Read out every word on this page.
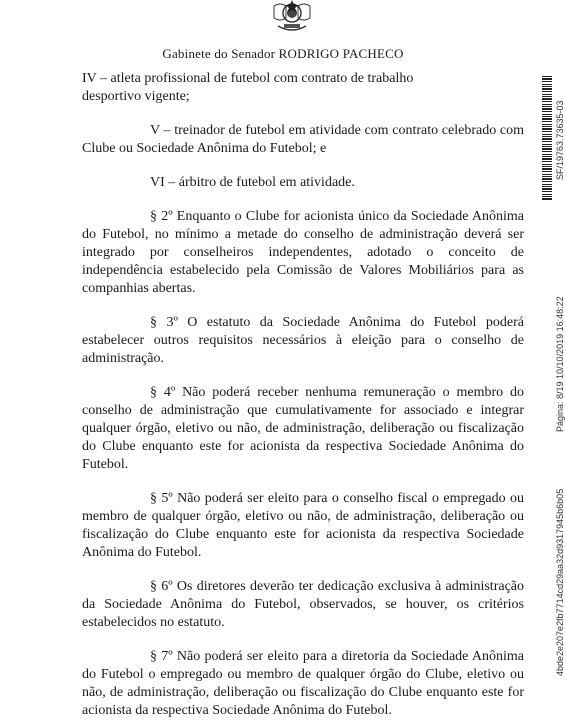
Gabinete do Senador RODRIGO PACHECO

IV – atleta profissional de futebol com contrato de trabalho

desportivo vigente;

V – treinador de futebol em atividade com contrato celebrado com Clube ou Sociedade Anônima do Futebol; e
VI – árbitro de futebol em atividade.
§ 2º Enquanto o Clube for acionista único da Sociedade Anônima do Futebol, no mínimo a metade do conselho de administração deverá ser integrado por conselheiros independentes, adotado o conceito de independência estabelecido pela Comissão de Valores Mobiliários para as companhias abertas.
§ 3º O estatuto da Sociedade Anônima do Futebol poderá estabelecer outros requisitos necessários à eleição para o conselho de administração.
§ 4º Não poderá receber nenhuma remuneração o membro do conselho de administração que cumulativamente for associado e integrar qualquer órgão, eletivo ou não, de administração, deliberação ou fiscalização do Clube enquanto este for acionista da respectiva Sociedade Anônima do Futebol.
§ 5º Não poderá ser eleito para o conselho fiscal o empregado ou membro de qualquer órgão, eletivo ou não, de administração, deliberação ou fiscalização do Clube enquanto este for acionista da respectiva Sociedade Anônima do Futebol.
§ 6º Os diretores deverão ter dedicação exclusiva à administração da Sociedade Anônima do Futebol, observados, se houver, os critérios estabelecidos no estatuto.
§ 7º Não poderá ser eleito para a diretoria da Sociedade Anônima do Futebol o empregado ou membro de qualquer órgão do Clube, eletivo ou não, de administração, deliberação ou fiscalização do Clube enquanto este for acionista da respectiva Sociedade Anônima do Futebol.
SF/19763.73635-03
Página: 8/19 10/10/2019 16:48:22
4bde2e207e2fb7714cd29aa32d9317945b6b05
